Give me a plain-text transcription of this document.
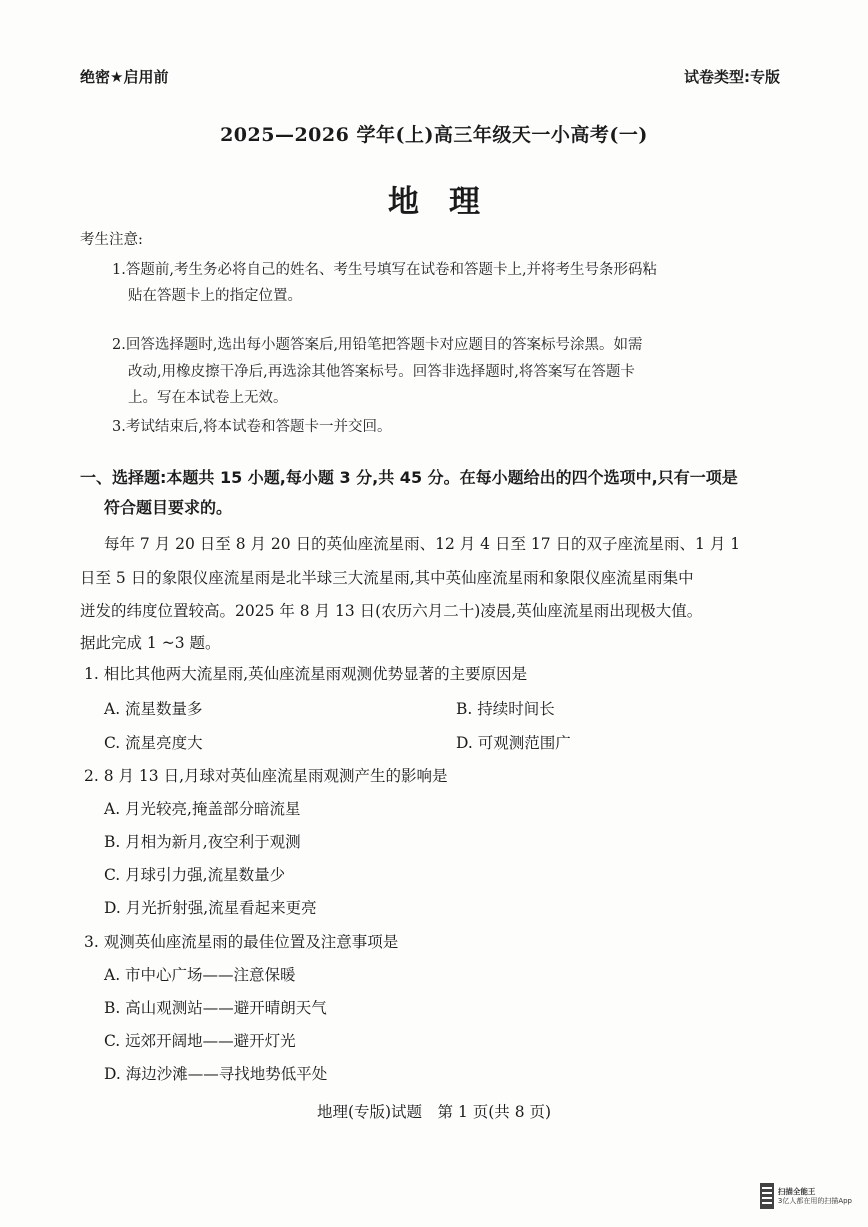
绝密★启用前	试卷类型:专版
2025—2026 学年(上)高三年级天一小高考(一)
地理
考生注意:
1.答题前,考生务必将自己的姓名、考生号填写在试卷和答题卡上,并将考生号条形码粘
贴在答题卡上的指定位置。
2.回答选择题时,选出每小题答案后,用铅笔把答题卡对应题目的答案标号涂黑。如需
改动,用橡皮擦干净后,再选涂其他答案标号。回答非选择题时,将答案写在答题卡
上。写在本试卷上无效。
3.考试结束后,将本试卷和答题卡一并交回。
一、选择题:本题共 15 小题,每小题 3 分,共 45 分。在每小题给出的四个选项中,只有一项是
符合题目要求的。
每年 7 月 20 日至 8 月 20 日的英仙座流星雨、12 月 4 日至 17 日的双子座流星雨、1 月 1
日至 5 日的象限仪座流星雨是北半球三大流星雨,其中英仙座流星雨和象限仪座流星雨集中
迸发的纬度位置较高。2025 年 8 月 13 日(农历六月二十)凌晨,英仙座流星雨出现极大值。
据此完成 1 ~3 题。
1. 相比其他两大流星雨,英仙座流星雨观测优势显著的主要原因是
A. 流星数量多	B. 持续时间长
C. 流星亮度大	D. 可观测范围广
2. 8 月 13 日,月球对英仙座流星雨观测产生的影响是
A. 月光较亮,掩盖部分暗流星
B. 月相为新月,夜空利于观测
C. 月球引力强,流星数量少
D. 月光折射强,流星看起来更亮
3. 观测英仙座流星雨的最佳位置及注意事项是
A. 市中心广场——注意保暖
B. 高山观测站——避开晴朗天气
C. 远郊开阔地——避开灯光
D. 海边沙滩——寻找地势低平处
地理(专版)试题　第 1 页(共 8 页)
扫描全能王
3亿人都在用的扫描App
